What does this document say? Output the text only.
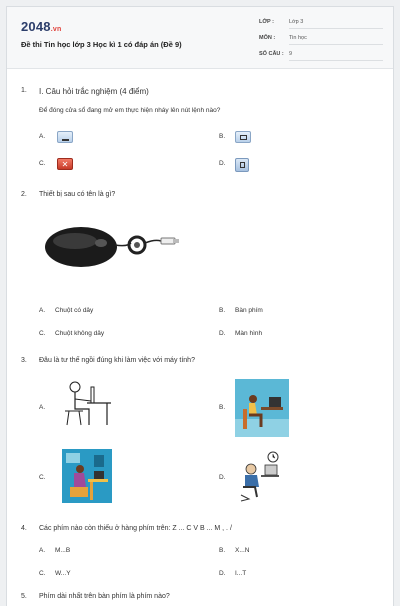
2048.vn
Đề thi Tin học lớp 3 Học kì 1 có đáp án (Đề 9)
LỚP :	Lớp 3
MÔN :	Tin học
SỐ CÂU : 9
1. I. Câu hỏi trắc nghiệm (4 điểm)
Để đóng cửa sổ đang mở em thực hiện nháy lên nút lệnh nào?
A.	B.
C.	✕	D.
2. Thiết bị sau có tên là gì?
A. Chuột có dây	B. Bàn phím
C. Chuột không dây	D. Màn hình
3. Đâu là tư thế ngồi đúng khi làm việc với máy tính?
A.	B.
C.	D.
4. Các phím nào còn thiếu ở hàng phím trên: Z ... C V B ... M , . /
A. M...B	B. X...N
C. W...Y	D. I...T
5. Phím dài nhất trên bàn phím là phím nào?
